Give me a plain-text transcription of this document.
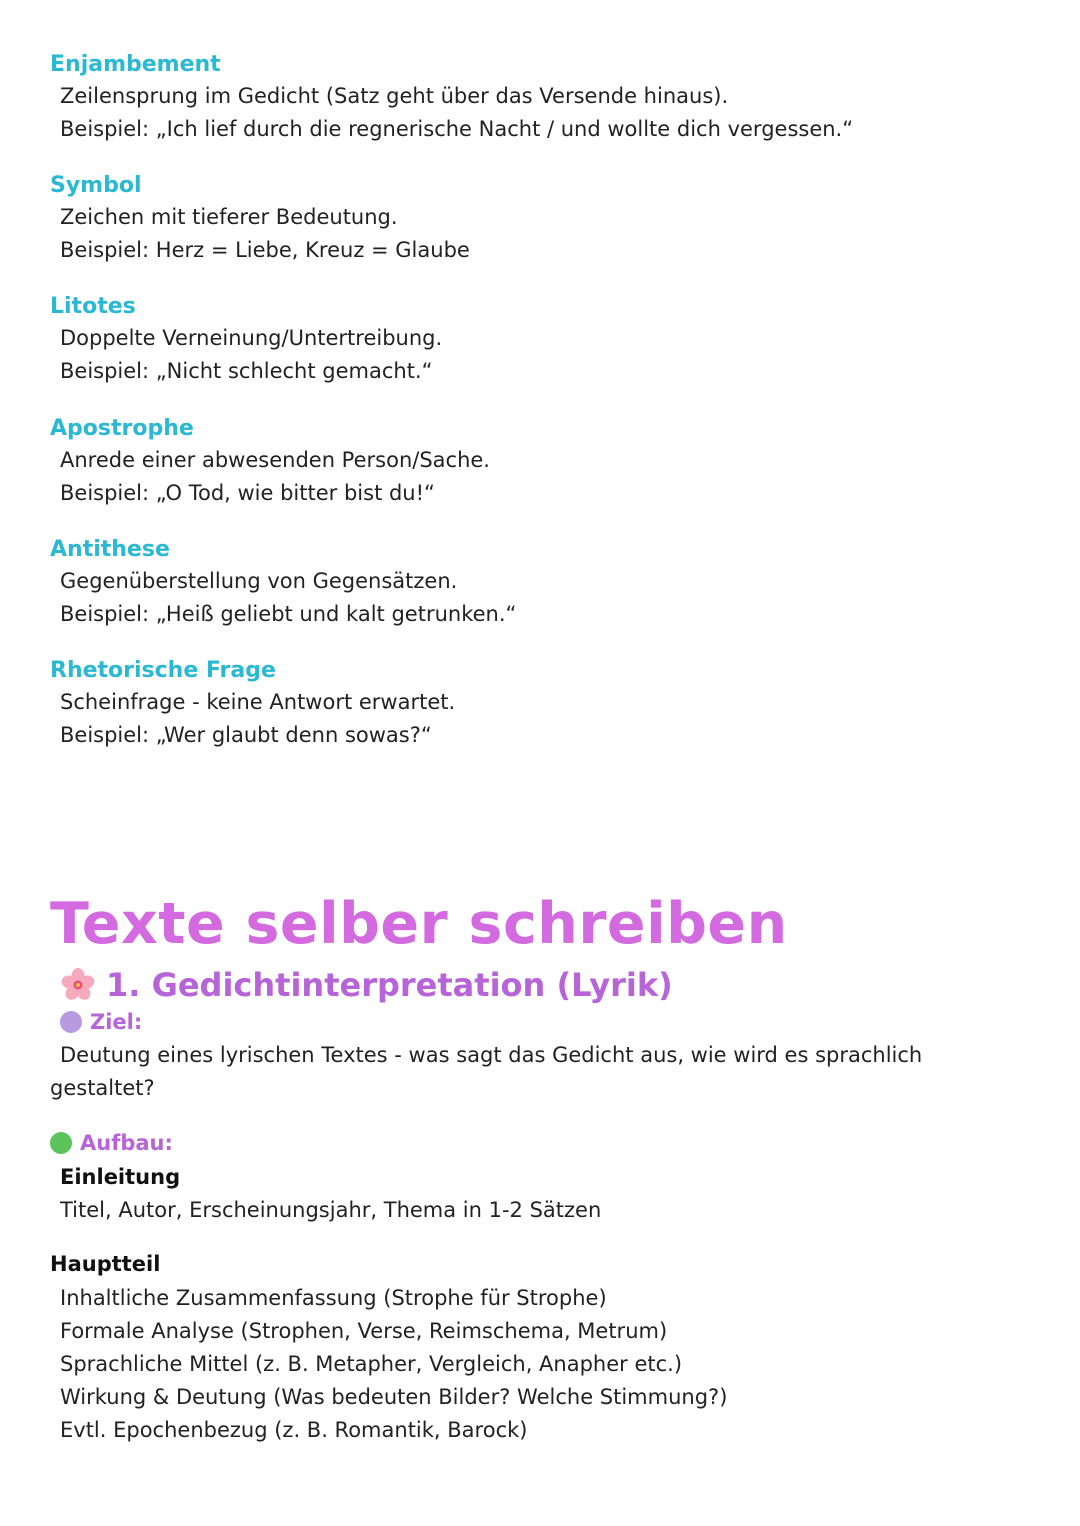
Enjambement

Zeilensprung im Gedicht (Satz geht über das Versende hinaus).

Beispiel: „Ich lief durch die regnerische Nacht / und wollte dich vergessen.“

Symbol

Zeichen mit tieferer Bedeutung.

Beispiel: Herz = Liebe, Kreuz = Glaube

Litotes

Doppelte Verneinung/Untertreibung.

Beispiel: „Nicht schlecht gemacht.“

Apostrophe

Anrede einer abwesenden Person/Sache.

Beispiel: „O Tod, wie bitter bist du!“

Antithese

Gegenüberstellung von Gegensätzen.

Beispiel: „Heiß geliebt und kalt getrunken.“

Rhetorische Frage

Scheinfrage - keine Antwort erwartet.

Beispiel: „Wer glaubt denn sowas?“

Texte selber schreiben
1. Gedichtinterpretation (Lyrik)
Ziel:

Deutung eines lyrischen Textes - was sagt das Gedicht aus, wie wird es sprachlich

gestaltet?

Aufbau:

Einleitung

Titel, Autor, Erscheinungsjahr, Thema in 1-2 Sätzen

Hauptteil

Inhaltliche Zusammenfassung (Strophe für Strophe)
Formale Analyse (Strophen, Verse, Reimschema, Metrum)
Sprachliche Mittel (z. B. Metapher, Vergleich, Anapher etc.)
Wirkung & Deutung (Was bedeuten Bilder? Welche Stimmung?)
Evtl. Epochenbezug (z. B. Romantik, Barock)
